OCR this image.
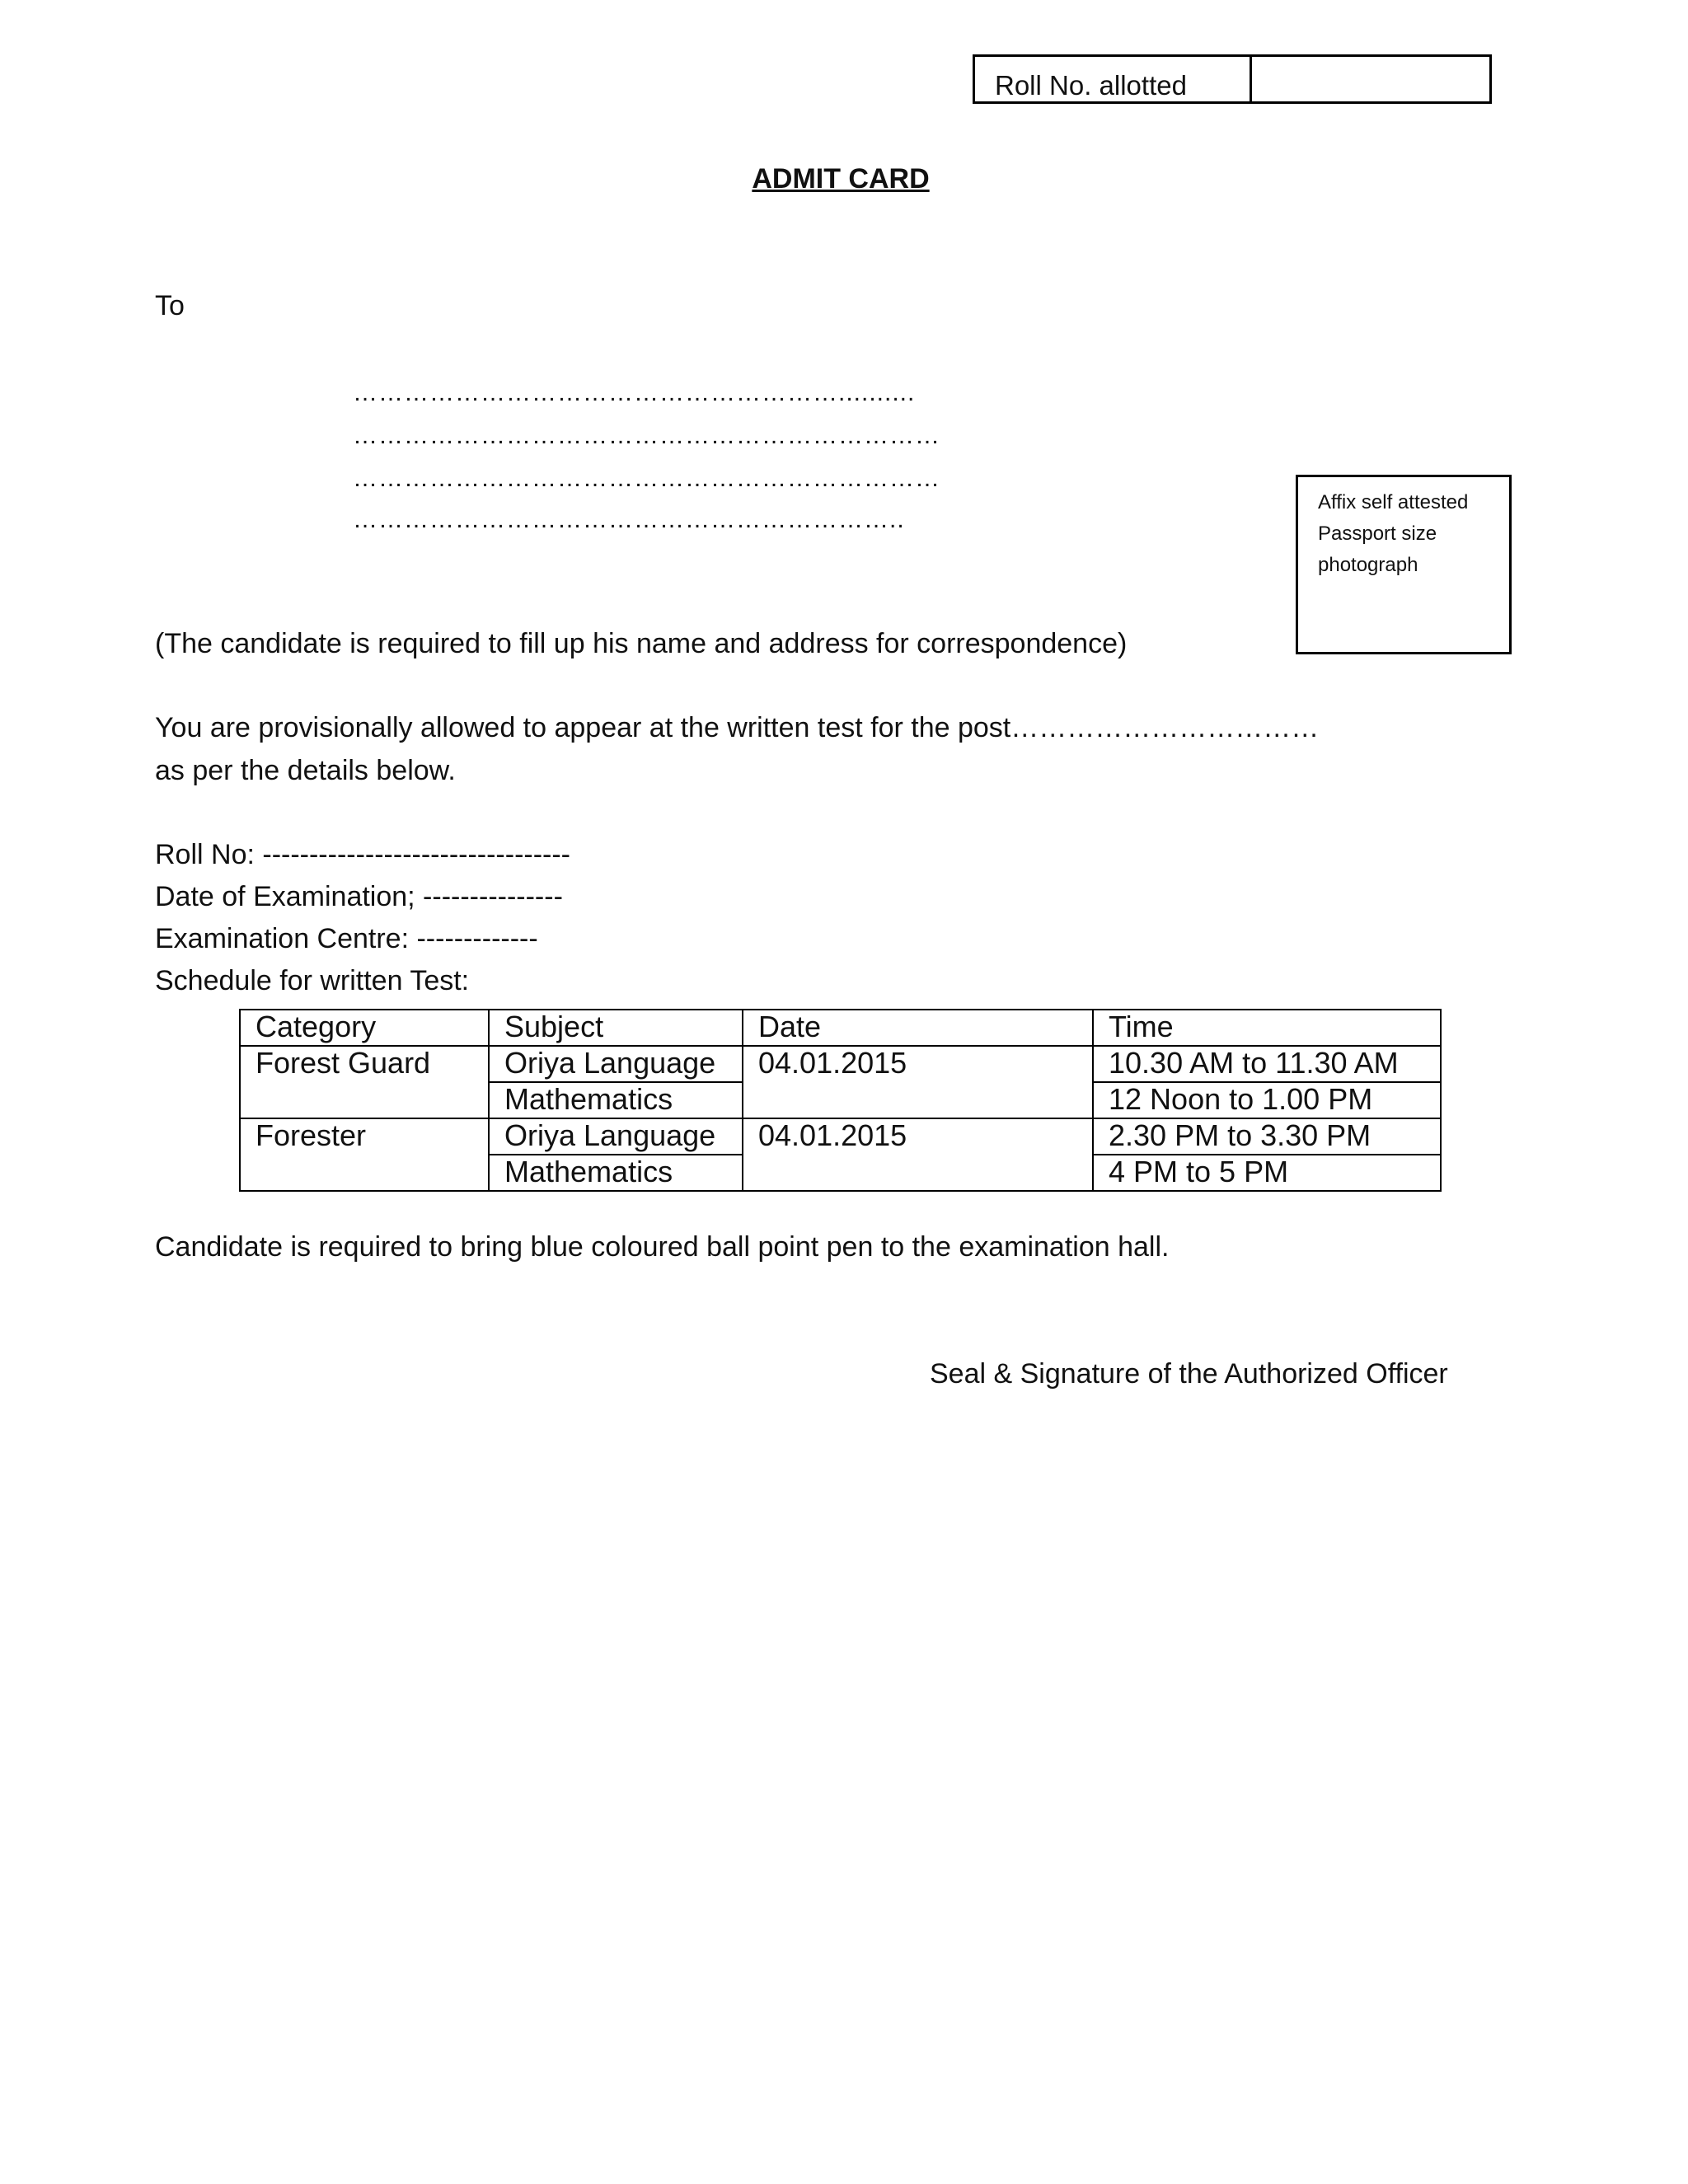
Roll No. allotted
ADMIT CARD
To
…………………………………………………..........
……………………………………………………………
……………………………………………………………
………………………………………………………..
Affix self attested
Passport size
photograph
(The candidate is required to fill up his name and address for correspondence)
You are provisionally allowed to appear at the written test for the post……………………………
as per the details below.
Roll No: ---------------------------------
Date of Examination; ---------------
Examination Centre: -------------
Schedule for written Test:
Category	Subject	Date	Time
Forest Guard	Oriya Language	04.01.2015	10.30 AM to 11.30 AM
	Mathematics		12 Noon to 1.00 PM
Forester	Oriya Language	04.01.2015	2.30 PM to 3.30 PM
	Mathematics		4 PM to 5 PM
Candidate is required to bring blue coloured ball point pen to the examination hall.
Seal & Signature of the Authorized Officer
